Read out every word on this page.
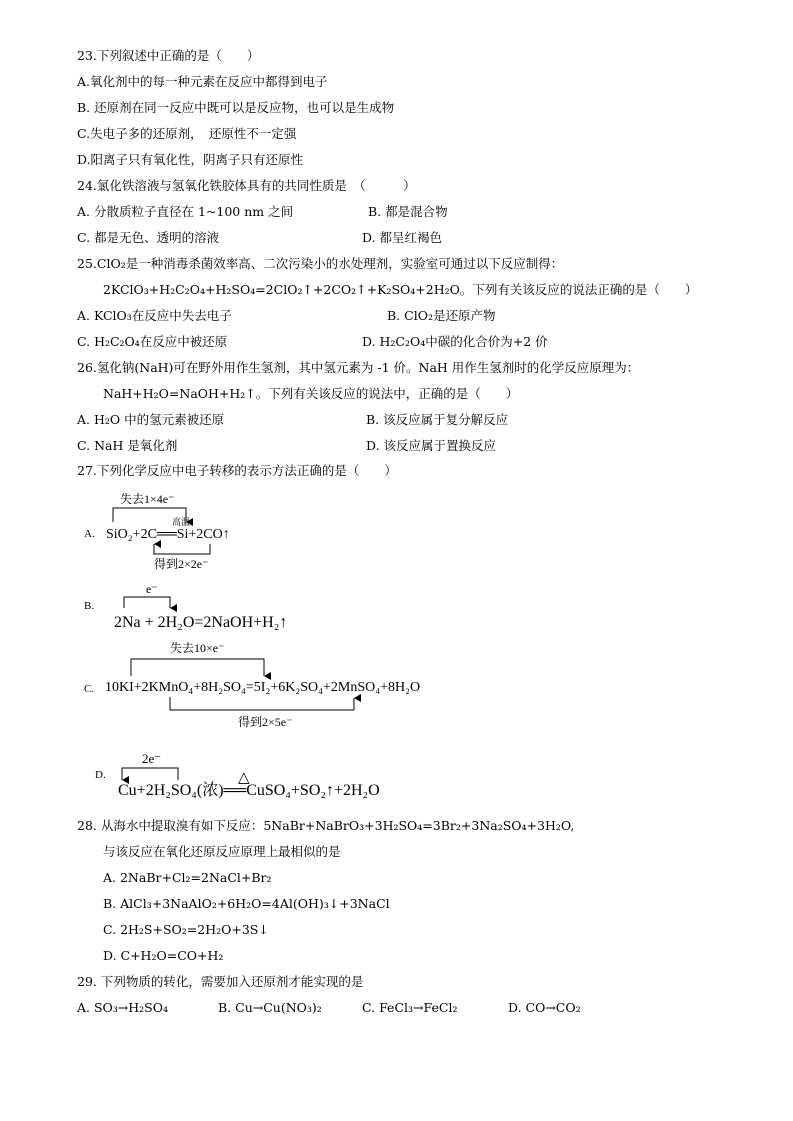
23.下列叙述中正确的是（　　）
A.氧化剂中的每一种元素在反应中都得到电子
B. 还原剂在同一反应中既可以是反应物，也可以是生成物
C.失电子多的还原剂，　还原性不一定强
D.阳离子只有氧化性，阴离子只有还原性
24.氯化铁溶液与氢氧化铁胶体具有的共同性质是　（　　　）
A. 分散质粒子直径在 1~100 nm 之间	B. 都是混合物
C. 都是无色、透明的溶液	D. 都呈红褐色
25.ClO₂是一种消毒杀菌效率高、二次污染小的水处理剂，实验室可通过以下反应制得：
2KClO₃+H₂C₂O₄+H₂SO₄=2ClO₂↑+2CO₂↑+K₂SO₄+2H₂O。下列有关该反应的说法正确的是（　　）
A. KClO₃在反应中失去电子	B. ClO₂是还原产物
C. H₂C₂O₄在反应中被还原	D. H₂C₂O₄中碳的化合价为+2 价
26.氢化钠(NaH)可在野外用作生氢剂，其中氢元素为 -1 价。NaH 用作生氢剂时的化学反应原理为：
NaH+H₂O=NaOH+H₂↑。下列有关该反应的说法中，正确的是（　　）
A. H₂O 中的氢元素被还原	B. 该反应属于复分解反应
C. NaH 是氧化剂	D. 该反应属于置换反应
27.下列化学反应中电子转移的表示方法正确的是（　　）
A.
失去1×4e⁻
高温
SiO₂+2C══Si+2CO↑
得到2×2e⁻
B.
e⁻
2Na + 2H₂O=2NaOH+H₂↑
C.
失去10×e⁻
10KI+2KMnO₄+8H₂SO₄=5I₂+6K₂SO₄+2MnSO₄+8H₂O
得到2×5e⁻
D.
2e⁻
△
Cu+2H₂SO₄(浓)══CuSO₄+SO₂↑+2H₂O
28. 从海水中提取溴有如下反应：5NaBr+NaBrO₃+3H₂SO₄=3Br₂+3Na₂SO₄+3H₂O,
与该反应在氧化还原反应原理上最相似的是
A. 2NaBr+Cl₂=2NaCl+Br₂
B. AlCl₃+3NaAlO₂+6H₂O=4Al(OH)₃↓+3NaCl
C. 2H₂S+SO₂=2H₂O+3S↓
D. C+H₂O=CO+H₂
29. 下列物质的转化，需要加入还原剂才能实现的是
A. SO₃→H₂SO₄	B. Cu→Cu(NO₃)₂	C. FeCl₃→FeCl₂	D. CO→CO₂
